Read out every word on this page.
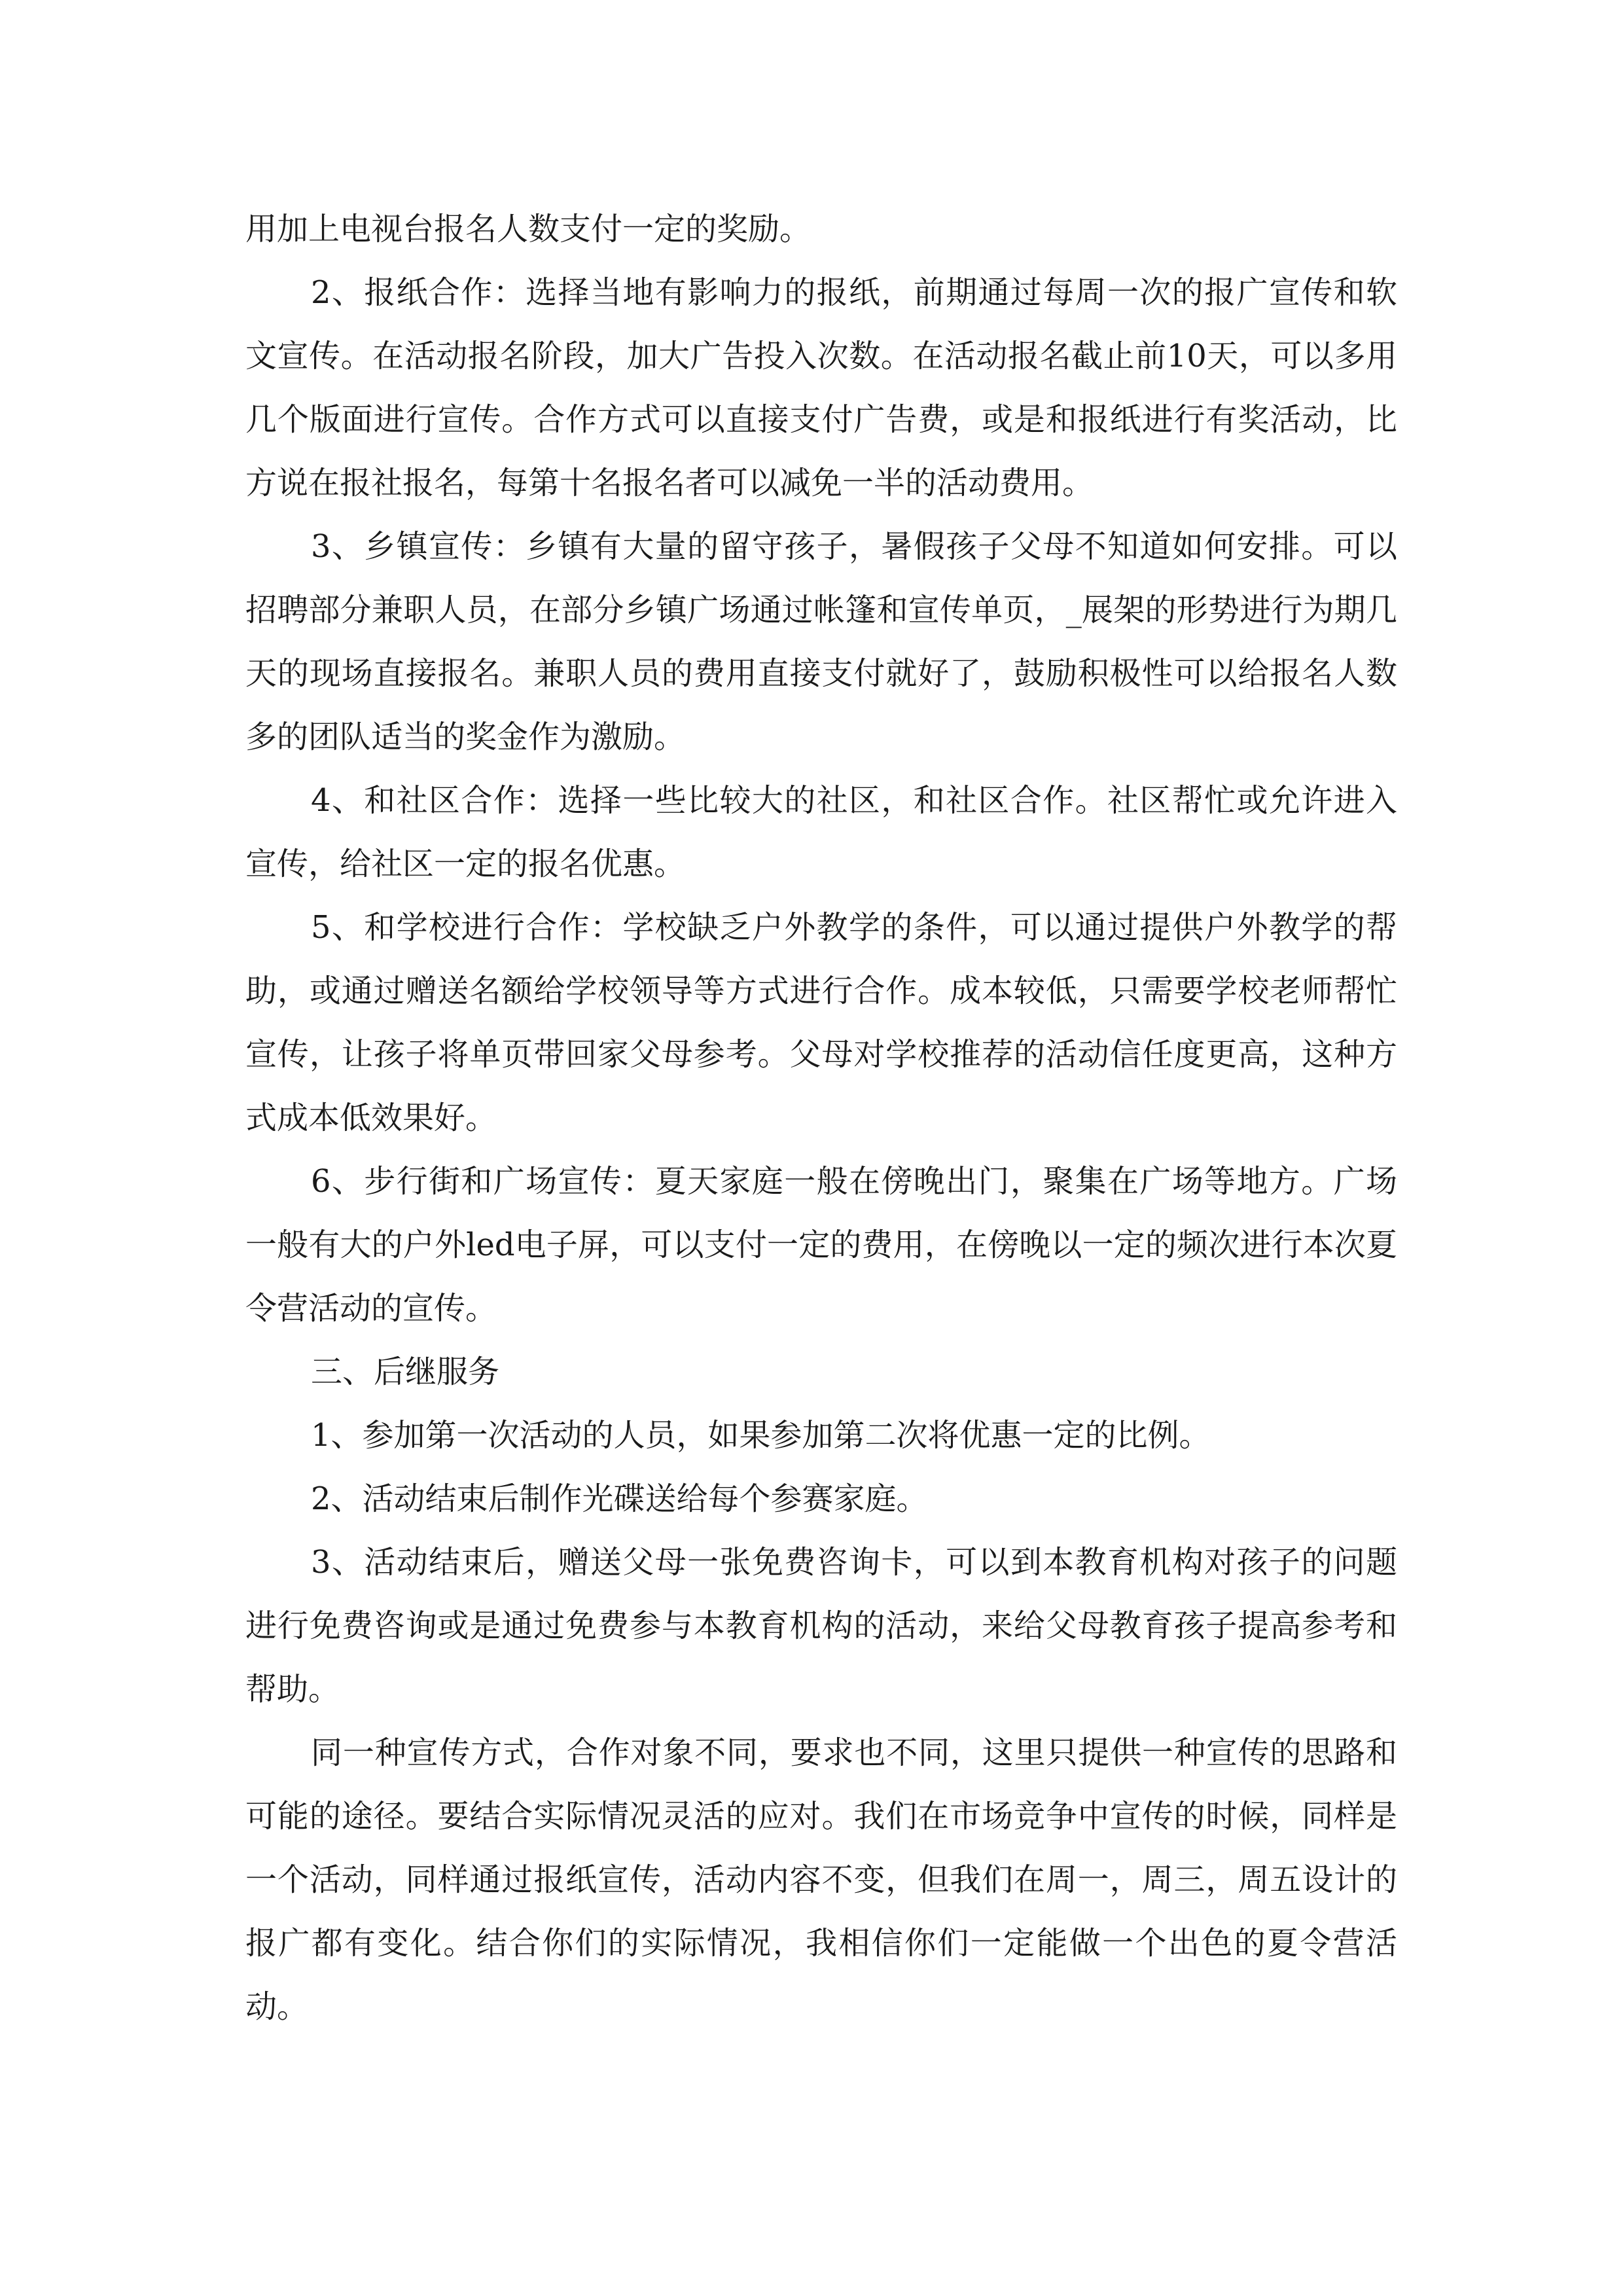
用加上电视台报名人数支付一定的奖励。

2、报纸合作：选择当地有影响力的报纸，前期通过每周一次的报广宣传和软文宣传。在活动报名阶段，加大广告投入次数。在活动报名截止前10天，可以多用几个版面进行宣传。合作方式可以直接支付广告费，或是和报纸进行有奖活动，比方说在报社报名，每第十名报名者可以减免一半的活动费用。

3、乡镇宣传：乡镇有大量的留守孩子，暑假孩子父母不知道如何安排。可以招聘部分兼职人员，在部分乡镇广场通过帐篷和宣传单页，_展架的形势进行为期几天的现场直接报名。兼职人员的费用直接支付就好了，鼓励积极性可以给报名人数多的团队适当的奖金作为激励。

4、和社区合作：选择一些比较大的社区，和社区合作。社区帮忙或允许进入宣传，给社区一定的报名优惠。

5、和学校进行合作：学校缺乏户外教学的条件，可以通过提供户外教学的帮助，或通过赠送名额给学校领导等方式进行合作。成本较低，只需要学校老师帮忙宣传，让孩子将单页带回家父母参考。父母对学校推荐的活动信任度更高，这种方式成本低效果好。

6、步行街和广场宣传：夏天家庭一般在傍晚出门，聚集在广场等地方。广场一般有大的户外led电子屏，可以支付一定的费用，在傍晚以一定的频次进行本次夏令营活动的宣传。

三、后继服务

1、参加第一次活动的人员，如果参加第二次将优惠一定的比例。

2、活动结束后制作光碟送给每个参赛家庭。

3、活动结束后，赠送父母一张免费咨询卡，可以到本教育机构对孩子的问题进行免费咨询或是通过免费参与本教育机构的活动，来给父母教育孩子提高参考和帮助。

同一种宣传方式，合作对象不同，要求也不同，这里只提供一种宣传的思路和可能的途径。要结合实际情况灵活的应对。我们在市场竞争中宣传的时候，同样是一个活动，同样通过报纸宣传，活动内容不变，但我们在周一，周三，周五设计的报广都有变化。结合你们的实际情况，我相信你们一定能做一个出色的夏令营活动。
